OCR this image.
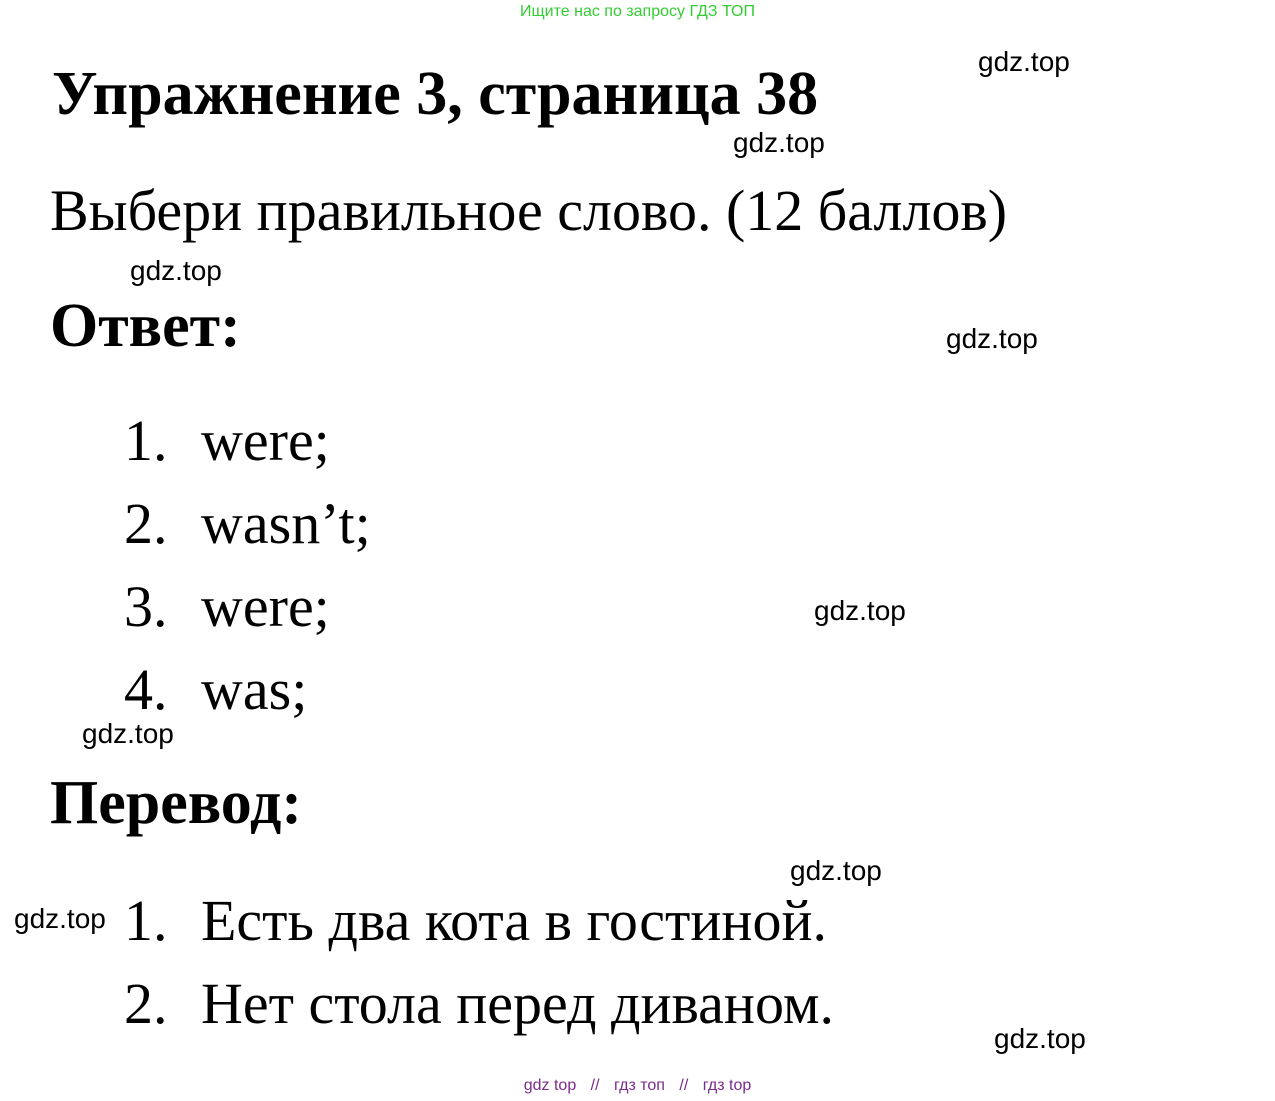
Ищите нас по запросу ГДЗ ТОП
gdz.top
gdz.top
gdz.top
gdz.top
gdz.top
gdz.top
gdz.top
gdz.top
gdz.top
Упражнение 3, страница 38

Выбери правильное слово. (12 баллов)

Ответ:
1. were;
2. wasn’t;
3. were;
4. was;
Перевод:
1. Есть два кота в гостиной.
2. Нет стола перед диваном.
gdz top // гдз топ // гдз top
